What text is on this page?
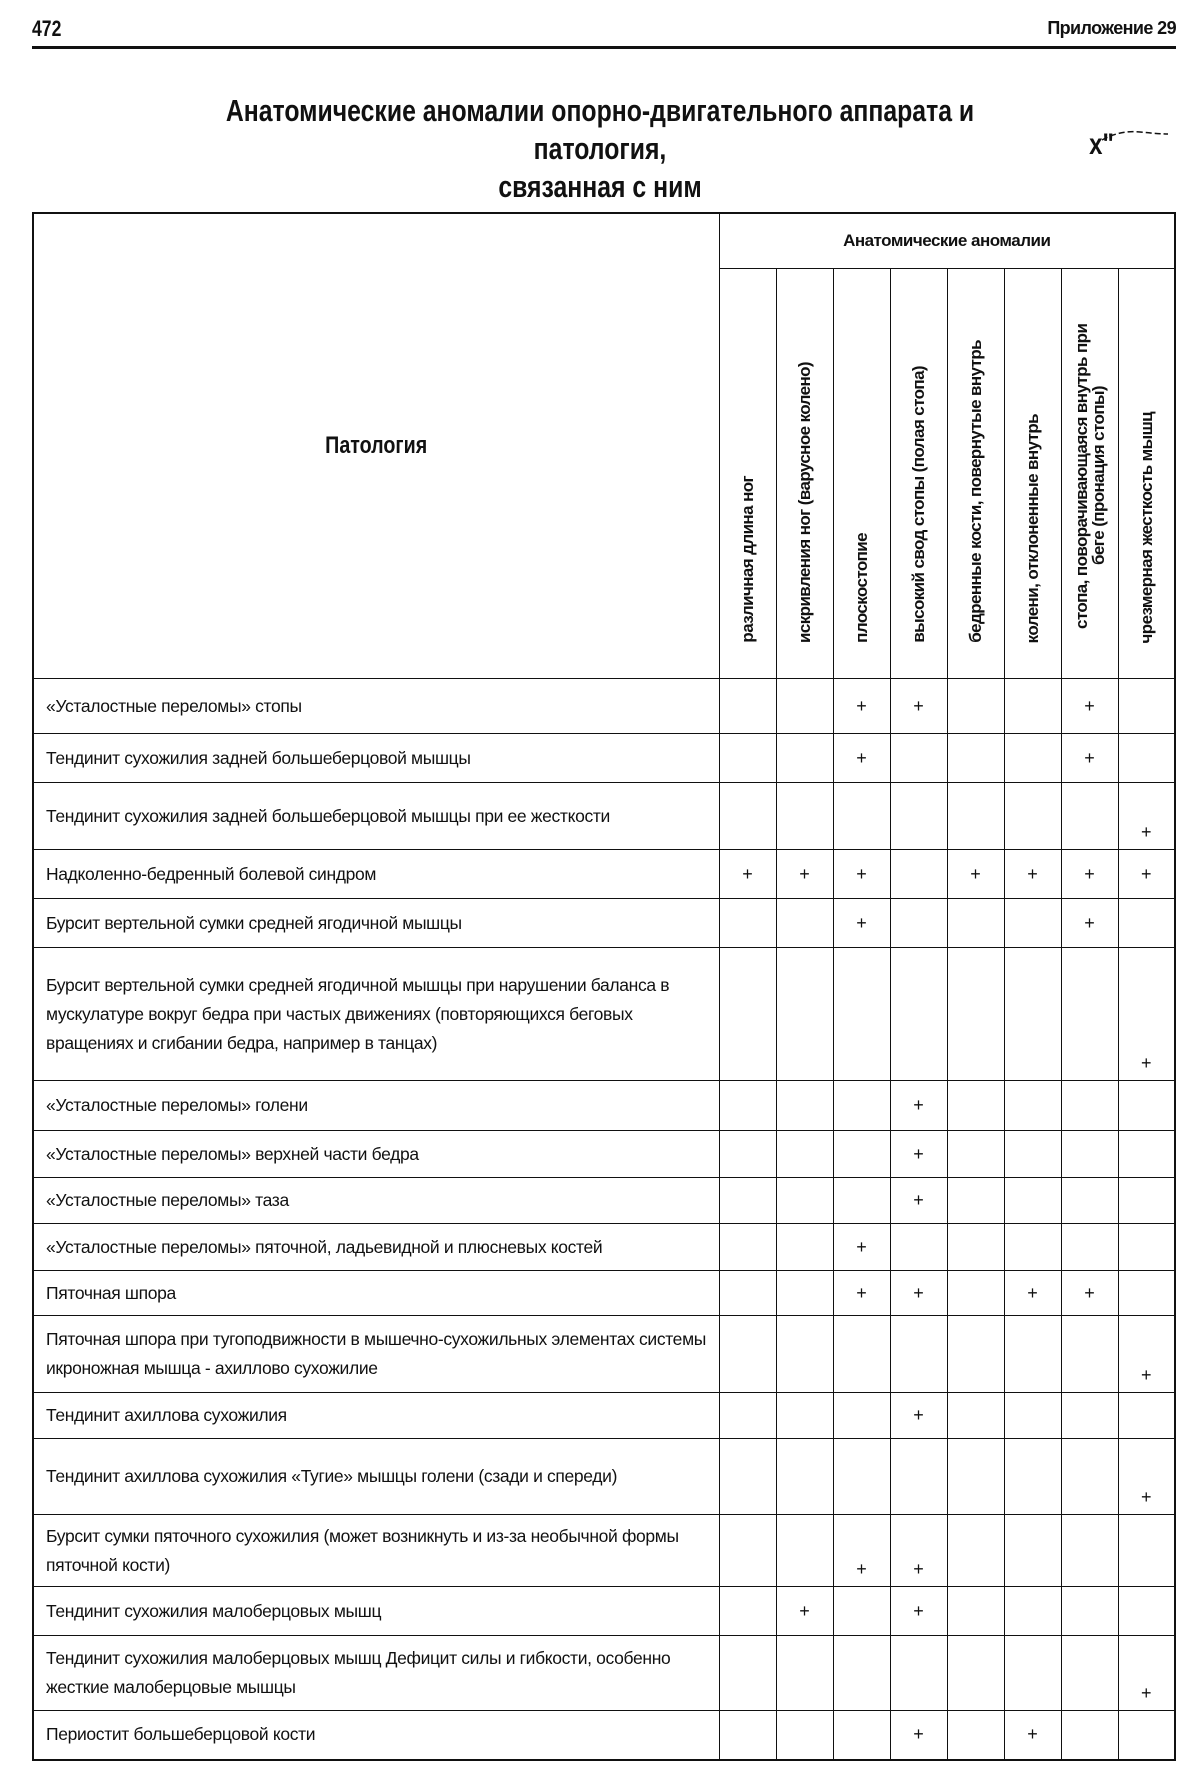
472	Приложение 29
Анатомические аномалии опорно-двигательного аппарата и патология,
связанная с ним
x"
Патология	Анатомические аномалии
различная длина ног	искривления ног (варусное колено)	плоскостопие	высокий свод стопы (полая стопа)	бедренные кости, повернутые внутрь	колени, отклоненные внутрь	стопа, поворачивающаяся внутрь при беге (пронация стопы)	чрезмерная жесткость мышц
«Усталостные переломы» стопы			+	+			+	
Тендинит сухожилия задней большеберцовой мышцы			+				+	
Тендинит сухожилия задней большеберцовой мышцы при ее жесткости								+
Надколенно-бедренный болевой синдром	+	+	+		+	+	+	+
Бурсит вертельной сумки средней ягодичной мышцы			+				+	
Бурсит вертельной сумки средней ягодичной мышцы при нарушении баланса в мускулатуре вокруг бедра при частых движениях (повторяющихся беговых вращениях и сгибании бедра, например в танцах)								+
«Усталостные переломы» голени				+				
«Усталостные переломы» верхней части бедра				+				
«Усталостные переломы» таза				+				
«Усталостные переломы» пяточной, ладьевидной и плюсневых костей			+					
Пяточная шпора			+	+		+	+	
Пяточная шпора при тугоподвижности в мышечно-сухожильных элементах системы икроножная мышца - ахиллово сухожилие								+
Тендинит ахиллова сухожилия				+				
Тендинит ахиллова сухожилия «Тугие» мышцы голени (сзади и спереди)								+
Бурсит сумки пяточного сухожилия (может возникнуть и из-за необычной формы пяточной кости)			+	+				
Тендинит сухожилия малоберцовых мышц		+		+				
Тендинит сухожилия малоберцовых мышц Дефицит силы и гибкости, особенно жесткие малоберцовые мышцы								+
Периостит большеберцовой кости				+		+		
